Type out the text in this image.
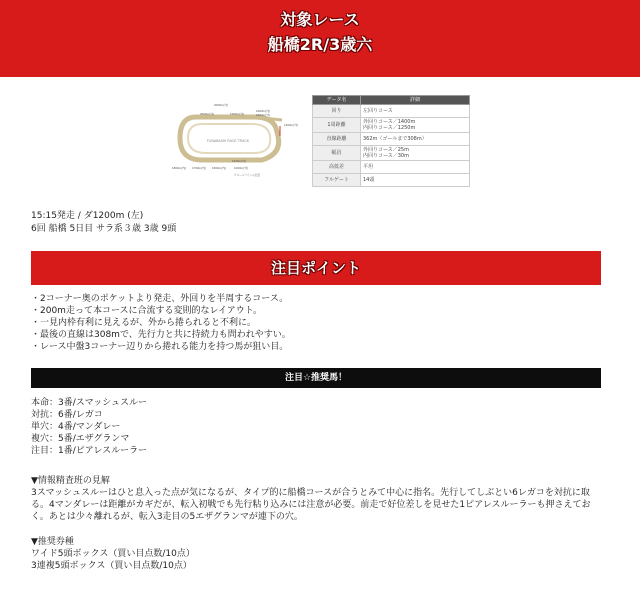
対象レース
船橋2R/3歳六
FUNABASHI RACE TRACK
2000m(外)
2500m(外)	1500m(外)
1600m(内)
1800m(外)
1200m(外)
1400m(内)
1800m(内) 1700m(内) 1500m(内)	1000m(外)
※ゴールラインの位置
データ名	詳細
回り	左回りコース

1周距離	外回りコース／1400m
内回りコース／1250m

直線距離	362m（ゴールまで308m）

幅員	外回りコース／25m
内回りコース／30m

高低差	平坦

フルゲート	14頭
15:15発走 / ダ1200m (左)
6回 船橋 5日目 サラ系３歳 3歳 9頭
注目ポイント
・2コーナー奥のポケットより発走、外回りを半周するコース。
・200m走って本コースに合流する変則的なレイアウト。
・一見内枠有利に見えるが、外から捲られると不利に。
・最後の直線は308mで、先行力と共に持続力も問われやすい。
・レース中盤3コーナー辺りから捲れる能力を持つ馬が狙い目。
注目☆推奨馬！
本命：3番/スマッシュスルー
対抗：6番/レガコ
単穴：4番/マンダレー
複穴：5番/エザグランマ
注目：1番/ピアレスルーラー
▼情報精査班の見解
3スマッシュスルーはひと息入った点が気になるが、タイプ的に船橋コースが合うとみて中心に指名。先行してしぶとい6レガコを対抗に取る。4マンダレーは距離がカギだが、転入初戦でも先行粘り込みには注意が必要。前走で好位差しを見せた1ピアレスルーラーも押さえておく。あとは少々離れるが、転入3走目の5エザグランマが連下の穴。
▼推奨券種
ワイド5頭ボックス（買い目点数/10点）
3連複5頭ボックス（買い目点数/10点）
